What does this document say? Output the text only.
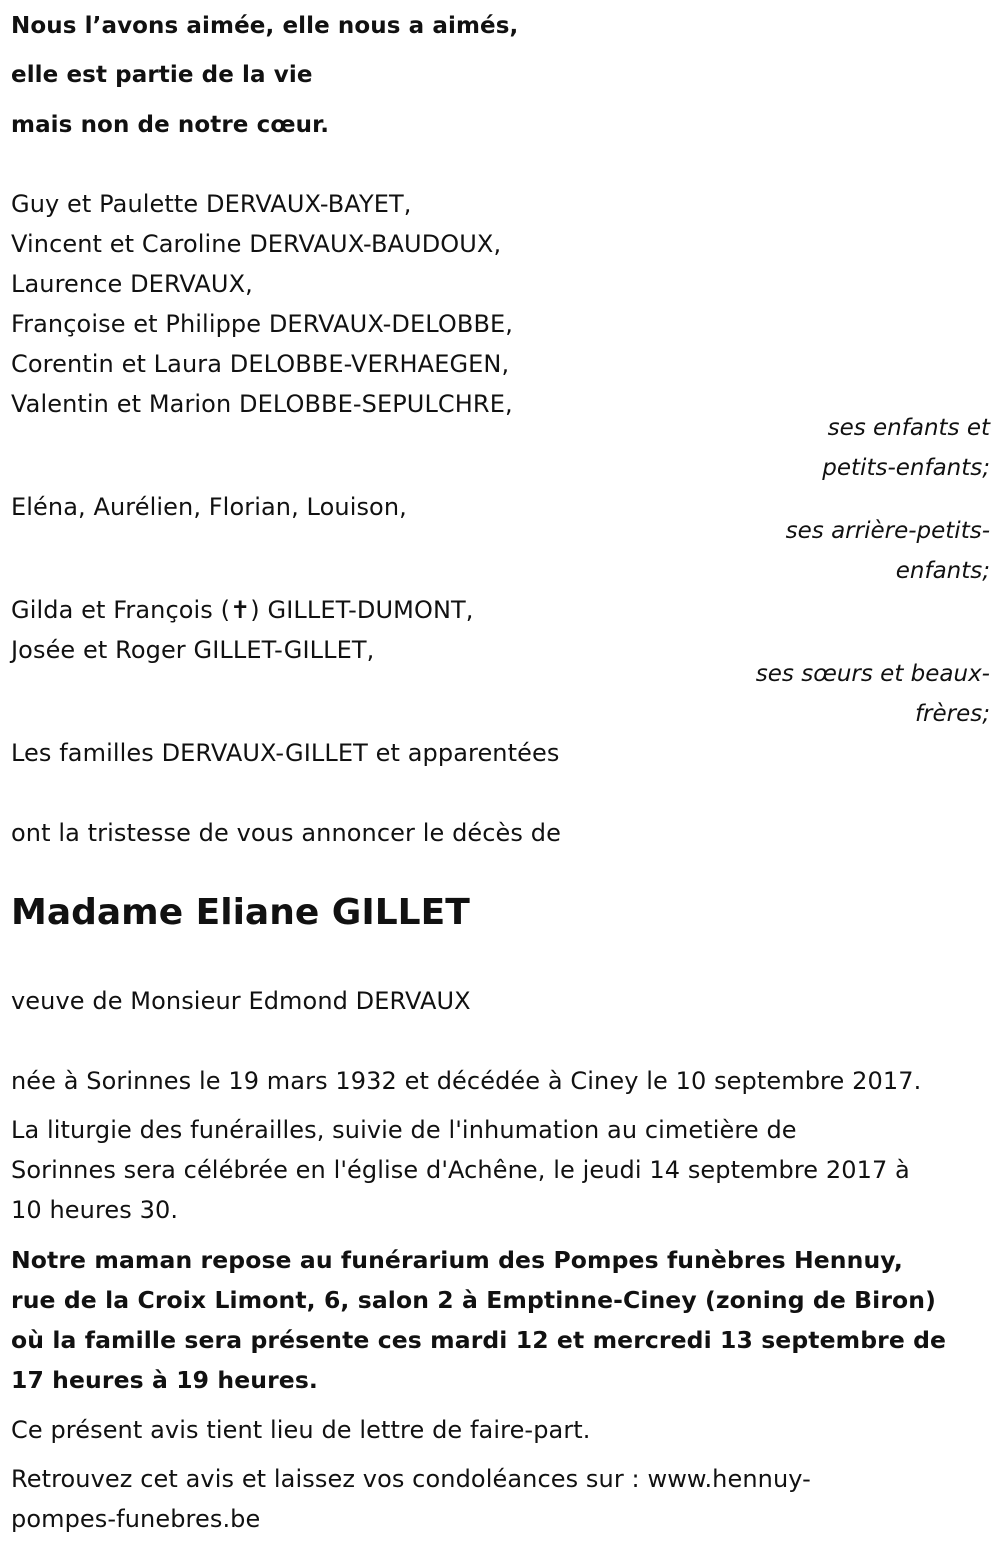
Nous l’avons aimée, elle nous a aimés,
elle est partie de la vie
mais non de notre cœur.
Guy et Paulette DERVAUX-BAYET,
Vincent et Caroline DERVAUX-BAUDOUX,
Laurence DERVAUX,
Françoise et Philippe DERVAUX-DELOBBE,
Corentin et Laura DELOBBE-VERHAEGEN,
Valentin et Marion DELOBBE-SEPULCHRE,
ses enfants et
petits-enfants;
Eléna, Aurélien, Florian, Louison,
ses arrière-petits-
enfants;
Gilda et François (✝) GILLET-DUMONT,
Josée et Roger GILLET-GILLET,
ses sœurs et beaux-
frères;
Les familles DERVAUX-GILLET et apparentées
ont la tristesse de vous annoncer le décès de
Madame Eliane GILLET
veuve de Monsieur Edmond DERVAUX
née à Sorinnes le 19 mars 1932 et décédée à Ciney le 10 septembre 2017.
La liturgie des funérailles, suivie de l'inhumation au cimetière de
Sorinnes sera célébrée en l'église d'Achêne, le jeudi 14 septembre 2017 à
10 heures 30.
Notre maman repose au funérarium des Pompes funèbres Hennuy,
rue de la Croix Limont, 6, salon 2 à Emptinne-Ciney (zoning de Biron)
où la famille sera présente ces mardi 12 et mercredi 13 septembre de
17 heures à 19 heures.
Ce présent avis tient lieu de lettre de faire-part.
Retrouvez cet avis et laissez vos condoléances sur : www.hennuy-
pompes-funebres.be
